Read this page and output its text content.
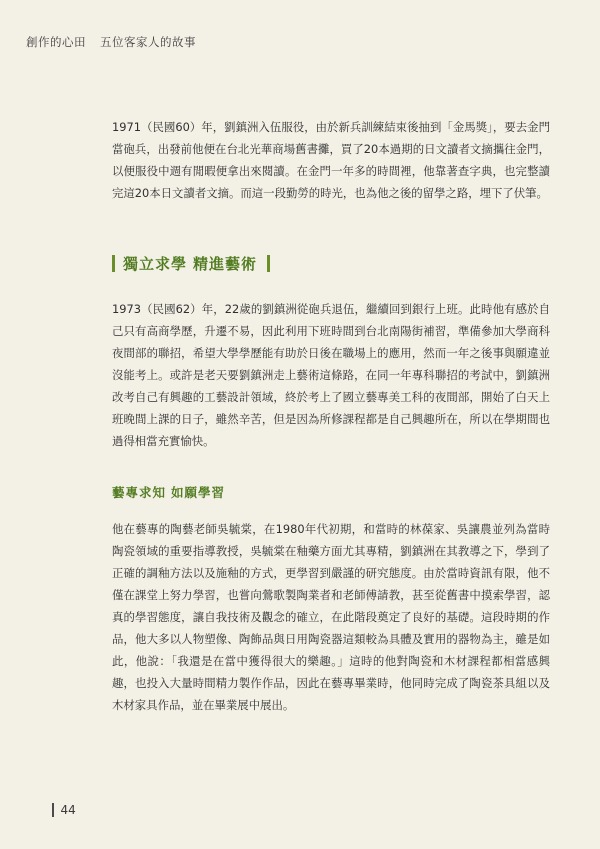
創作的心田 五位客家人的故事

1971（民國60）年，劉鎮洲入伍服役，由於新兵訓練結束後抽到「金馬獎」，要去金門當砲兵，出發前他便在台北光華商場舊書攤，買了20本過期的日文讀者文摘攜往金門，以便服役中週有閒暇便拿出來閱讀。在金門一年多的時間裡，他靠著查字典，也完整讀完這20本日文讀者文摘。而這一段勤勞的時光，也為他之後的留學之路，埋下了伏筆。

獨立求學 精進藝術

1973（民國62）年，22歲的劉鎮洲從砲兵退伍，繼續回到銀行上班。此時他有感於自己只有高商學歷，升遷不易，因此利用下班時間到台北南陽街補習，準備參加大學商科夜間部的聯招，希望大學學歷能有助於日後在職場上的應用，然而一年之後事與願違並沒能考上。或許是老天要劉鎮洲走上藝術這條路，在同一年專科聯招的考試中，劉鎮洲改考自己有興趣的工藝設計領域，終於考上了國立藝專美工科的夜間部，開始了白天上班晚間上課的日子，雖然辛苦，但是因為所修課程都是自己興趣所在，所以在學期間也過得相當充實愉快。

藝專求知 如願學習

他在藝專的陶藝老師吳毓棠，在1980年代初期，和當時的林葆家、吳讓農並列為當時陶瓷領域的重要指導教授，吳毓棠在釉藥方面尤其專精，劉鎮洲在其教導之下，學到了正確的調釉方法以及施釉的方式，更學習到嚴謹的研究態度。由於當時資訊有限，他不僅在課堂上努力學習，也嘗向鶯歌製陶業者和老師傅請教，甚至從舊書中摸索學習，認真的學習態度，讓自我技術及觀念的確立，在此階段奠定了良好的基礎。這段時期的作品，他大多以人物塑像、陶飾品與日用陶瓷器這類較為具體及實用的器物為主，雖是如此，他說：「我還是在當中獲得很大的樂趣。」這時的他對陶瓷和木材課程都相當感興趣，也投入大量時間精力製作作品，因此在藝專畢業時，他同時完成了陶瓷茶具組以及木材家具作品，並在畢業展中展出。

44
